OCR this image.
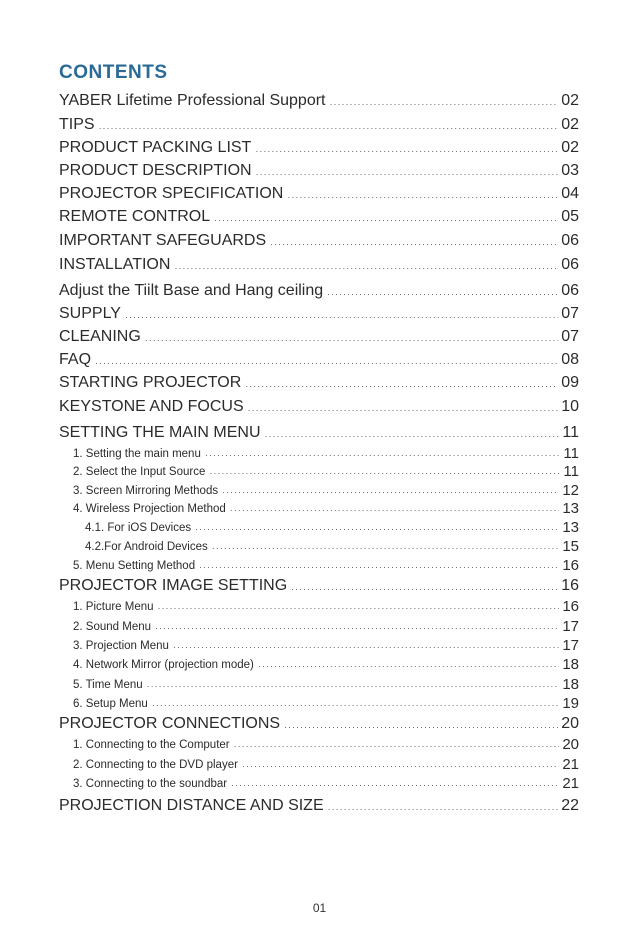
CONTENTS
YABER Lifetime Professional Support ·····	02
TIPS ·····	02
PRODUCT PACKING LIST ·····	02
PRODUCT DESCRIPTION ·····	03
PROJECTOR SPECIFICATION ·····	04
REMOTE CONTROL ·····	05
IMPORTANT SAFEGUARDS ·····	06
INSTALLATION ·····	06
Adjust the Tiilt Base and Hang ceiling ·····	06
SUPPLY ·····	07
CLEANING ·····	07
FAQ ·····	08
STARTING PROJECTOR ·····	09
KEYSTONE AND FOCUS ·····	10
SETTING THE MAIN MENU ·····	11
1. Setting the main menu ·····	11
2. Select the Input Source ·····	11
3. Screen Mirroring Methods ·····	12
4. Wireless Projection Method ·····	13
4.1. For iOS Devices ·····	13
4.2.For Android Devices ·····	15
5. Menu Setting Method ·····	16
PROJECTOR IMAGE SETTING ·····	16
1. Picture Menu ·····	16
2. Sound Menu ·····	17
3. Projection Menu ·····	17
4. Network Mirror (projection mode) ·····	18
5. Time Menu ·····	18
6. Setup Menu ·····	19
PROJECTOR CONNECTIONS ·····	20
1. Connecting to the Computer ·····	20
2. Connecting to the DVD player ·····	21
3. Connecting to the soundbar ·····	21
PROJECTION DISTANCE AND SIZE ·····	22
01
